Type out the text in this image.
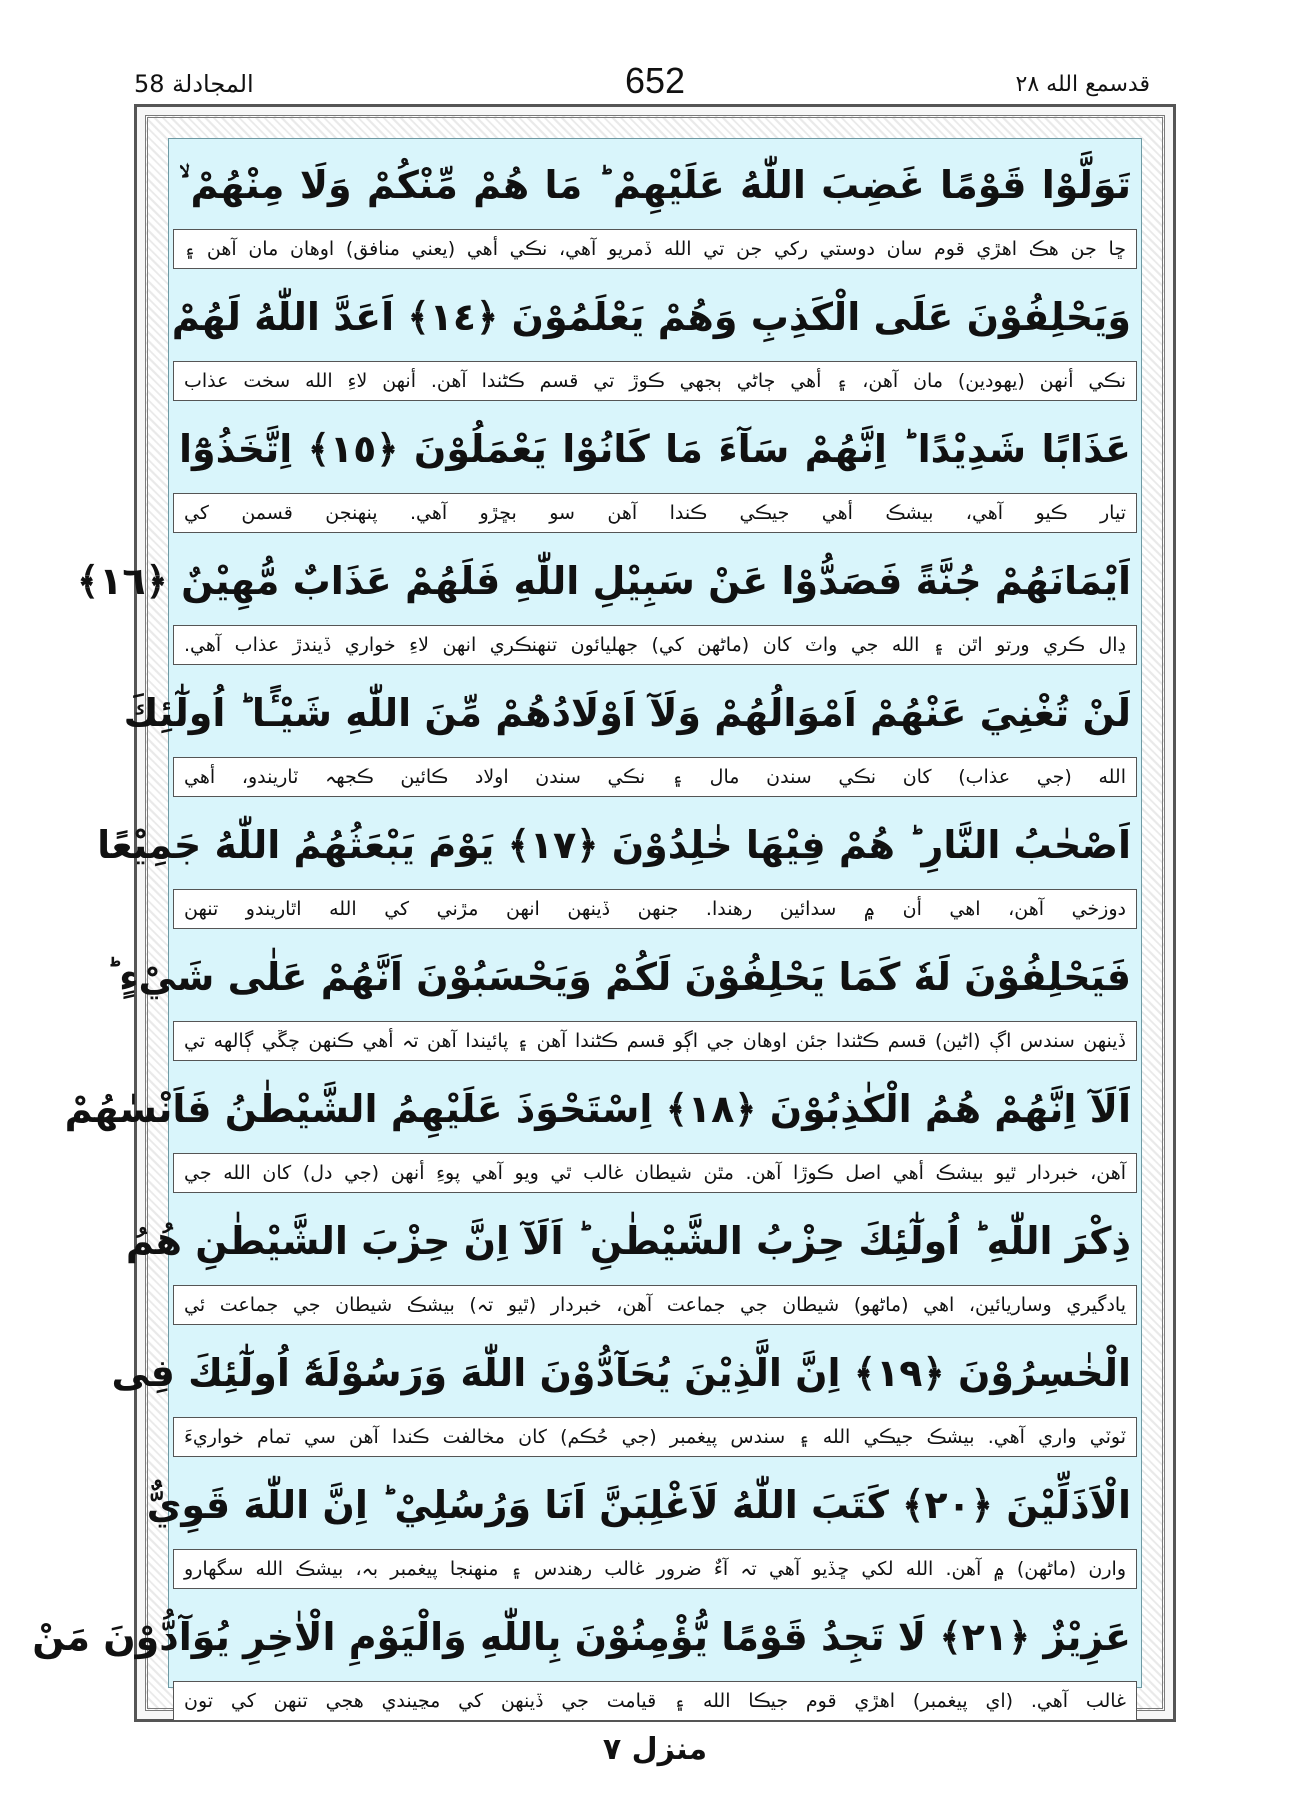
المجادلة 58	652	قدسمع الله ٢٨
تَوَلَّوْا قَوْمًا غَضِبَ اللّٰهُ عَلَيْهِمْ ؕ مَا هُمْ مِّنْكُمْ وَلَا مِنْهُمْ ۙ
ڇا جن هڪ اهڙي قوم سان دوستي رکي جن تي الله ڏمريو آهي، نڪي أهي (يعني منافق) اوهان مان آهن ۽
وَيَحْلِفُوْنَ عَلَى الْكَذِبِ وَهُمْ يَعْلَمُوْنَ ﴿١٤﴾ اَعَدَّ اللّٰهُ لَهُمْ
نڪي أنهن (يهودين) مان آهن، ۽ أهي ڄاڻي ٻجهي ڪوڙ تي قسم ڪڻندا آهن. أنهن لاءِ الله سخت عذاب
عَذَابًا شَدِيْدًا ؕ اِنَّهُمْ سَآءَ مَا كَانُوْا يَعْمَلُوْنَ ﴿١٥﴾ اِتَّخَذُوْٓا
تيار ڪيو آهي، بيشڪ أهي جيڪي ڪندا آهن سو بڇڙو آهي. پنهنجن قسمن کي
اَيْمَانَهُمْ جُنَّةً فَصَدُّوْا عَنْ سَبِيْلِ اللّٰهِ فَلَهُمْ عَذَابٌ مُّهِيْنٌ ﴿١٦﴾
ڍال ڪري ورتو اٿن ۽ الله جي واٽ کان (ماڻهن کي) جهليائون تنهنڪري انهن لاءِ خواري ڏيندڙ عذاب آهي.
لَنْ تُغْنِيَ عَنْهُمْ اَمْوَالُهُمْ وَلَآ اَوْلَادُهُمْ مِّنَ اللّٰهِ شَيْـًٔا ؕ اُولٰٓئِكَ
الله (جي عذاب) کان نڪي سندن مال ۽ نڪي سندن اولاد ڪائين ڪجهہ ٽاريندو، أهي
اَصْحٰبُ النَّارِ ؕ هُمْ فِيْهَا خٰلِدُوْنَ ﴿١٧﴾ يَوْمَ يَبْعَثُهُمُ اللّٰهُ جَمِيْعًا
دوزخي آهن، اهي أن ۾ سدائين رهندا. جنهن ڏينهن انهن مڙني کي الله اٿاريندو تنهن
فَيَحْلِفُوْنَ لَهٗ كَمَا يَحْلِفُوْنَ لَكُمْ وَيَحْسَبُوْنَ اَنَّهُمْ عَلٰى شَيْءٍ ؕ
ڏينهن سندس اڳ (اڻين) قسم ڪڻندا جئن اوهان جي اڳو قسم ڪڻندا آهن ۽ پائيندا آهن تہ أهي ڪنهن چڱي ڳالهه تي
اَلَآ اِنَّهُمْ هُمُ الْكٰذِبُوْنَ ﴿١٨﴾ اِسْتَحْوَذَ عَلَيْهِمُ الشَّيْطٰنُ فَاَنْسٰهُمْ
آهن، خبردار ٿيو بيشڪ أهي اصل ڪوڙا آهن. مٿن شيطان غالب ٿي ويو آهي پوءِ أنهن (جي دل) کان الله جي
ذِكْرَ اللّٰهِ ؕ اُولٰٓئِكَ حِزْبُ الشَّيْطٰنِ ؕ اَلَآ اِنَّ حِزْبَ الشَّيْطٰنِ هُمُ
يادگيري وساريائين، اهي (ماڻهو) شيطان جي جماعت آهن، خبردار (ٿيو تہ) بيشڪ شيطان جي جماعت ئي
الْخٰسِرُوْنَ ﴿١٩﴾ اِنَّ الَّذِيْنَ يُحَآدُّوْنَ اللّٰهَ وَرَسُوْلَهٗٓ اُولٰٓئِكَ فِى
ٽوٽي واري آهي. بيشڪ جيڪي الله ۽ سندس پيغمبر (جي حُڪم) کان مخالفت ڪندا آهن سي تمام خواريءَ
الْاَذَلِّيْنَ ﴿٢٠﴾ كَتَبَ اللّٰهُ لَاَغْلِبَنَّ اَنَا وَرُسُلِيْ ؕ اِنَّ اللّٰهَ قَوِيٌّ
وارن (ماڻهن) ۾ آهن. الله لکي ڇڏيو آهي تہ آءٌ ضرور غالب رهندس ۽ منهنجا پيغمبر بہ، بيشڪ الله سگهارو
عَزِيْزٌ ﴿٢١﴾ لَا تَجِدُ قَوْمًا يُّؤْمِنُوْنَ بِاللّٰهِ وَالْيَوْمِ الْاٰخِرِ يُوَآدُّوْنَ مَنْ
غالب آهي. (اي پيغمبر) اهڙي قوم جيڪا الله ۽ قيامت جي ڏينهن کي مڃيندي هجي تنهن کي تون
منزل ٧
